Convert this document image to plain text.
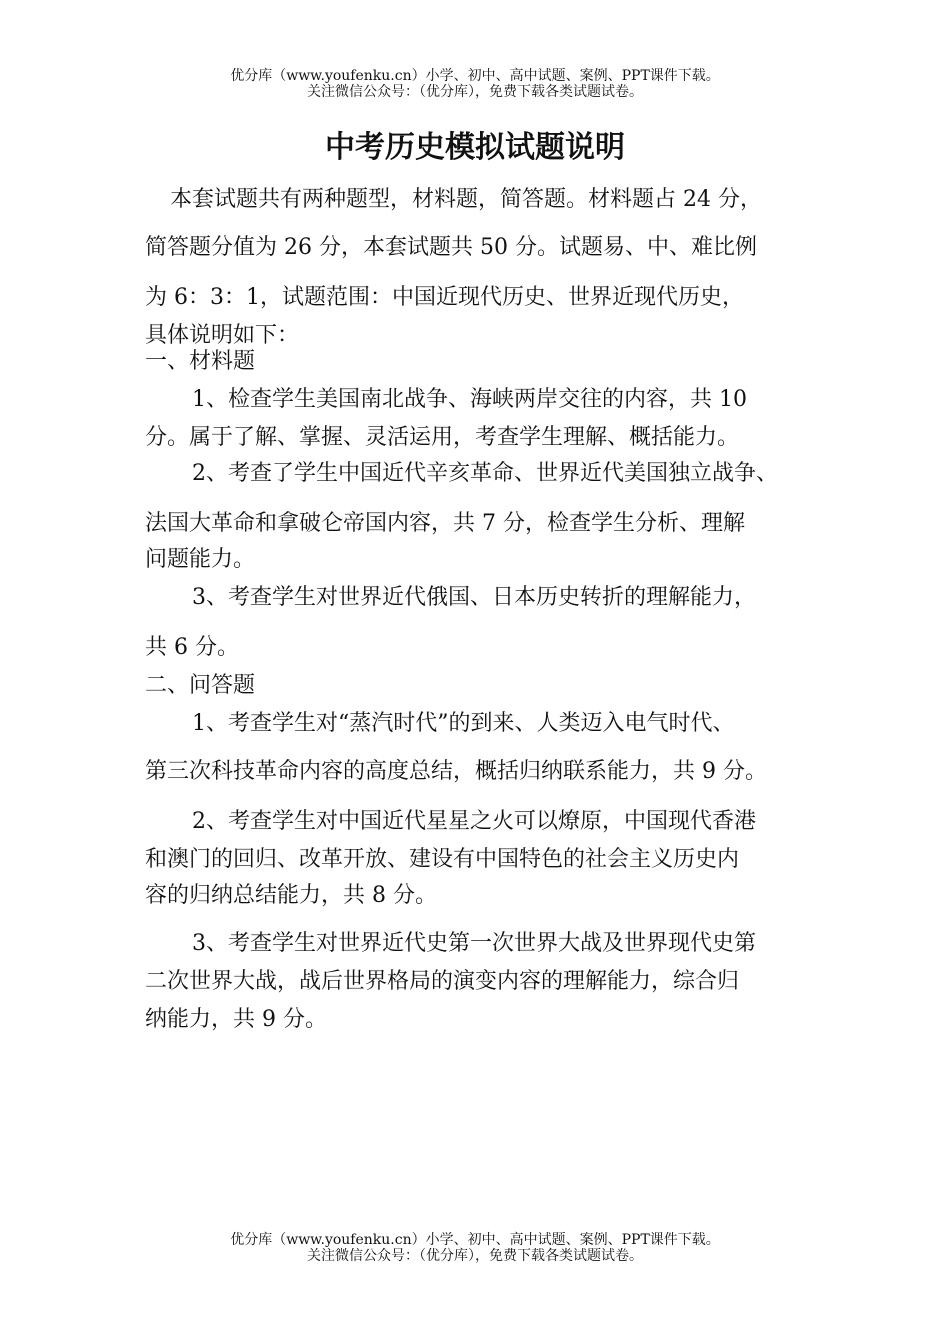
优分库（www.youfenku.cn）小学、初中、高中试题、案例、PPT课件下载。
关注微信公众号：（优分库），免费下载各类试题试卷。
中考历史模拟试题说明
本套试题共有两种题型，材料题，简答题。材料题占 24 分，
简答题分值为 26 分，本套试题共 50 分。试题易、中、难比例
为 6：3：1，试题范围：中国近现代历史、世界近现代历史，
具体说明如下：
一、材料题
1、检查学生美国南北战争、海峡两岸交往的内容，共 10
分。属于了解、掌握、灵活运用，考查学生理解、概括能力。
2、考查了学生中国近代辛亥革命、世界近代美国独立战争、
法国大革命和拿破仑帝国内容，共 7 分，检查学生分析、理解
问题能力。
3、考查学生对世界近代俄国、日本历史转折的理解能力，
共 6 分。
二、问答题
1、考查学生对“蒸汽时代”的到来、人类迈入电气时代、
第三次科技革命内容的高度总结，概括归纳联系能力，共 9 分。
2、考查学生对中国近代星星之火可以燎原，中国现代香港
和澳门的回归、改革开放、建设有中国特色的社会主义历史内
容的归纳总结能力，共 8 分。
3、考查学生对世界近代史第一次世界大战及世界现代史第
二次世界大战，战后世界格局的演变内容的理解能力，综合归
纳能力，共 9 分。
优分库（www.youfenku.cn）小学、初中、高中试题、案例、PPT课件下载。
关注微信公众号：（优分库），免费下载各类试题试卷。
